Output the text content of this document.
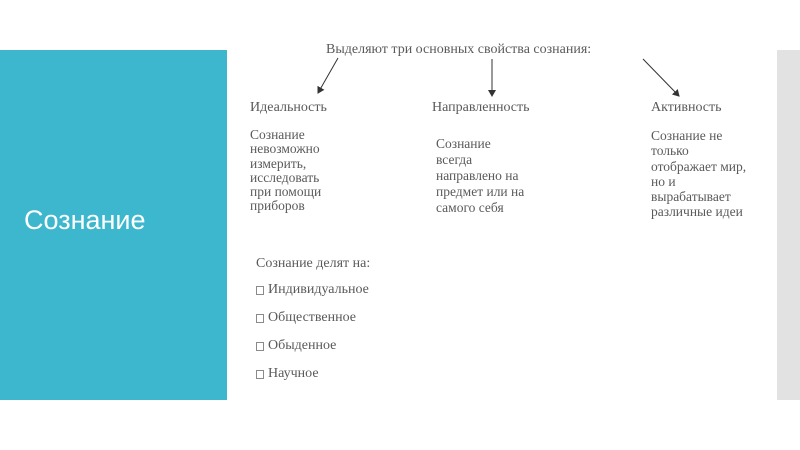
Сознание
Выделяют три основных свойства сознания:
Идеальность	Направленность	Активность
Сознание
невозможно
измерить,
исследовать
при помощи
приборов
Сознание
всегда
направлено на
предмет или на
самого себя
Сознание не
только
отображает мир,
но и
вырабатывает
различные идеи
Сознание делят на:
Индивидуальное
Общественное
Обыденное
Научное
